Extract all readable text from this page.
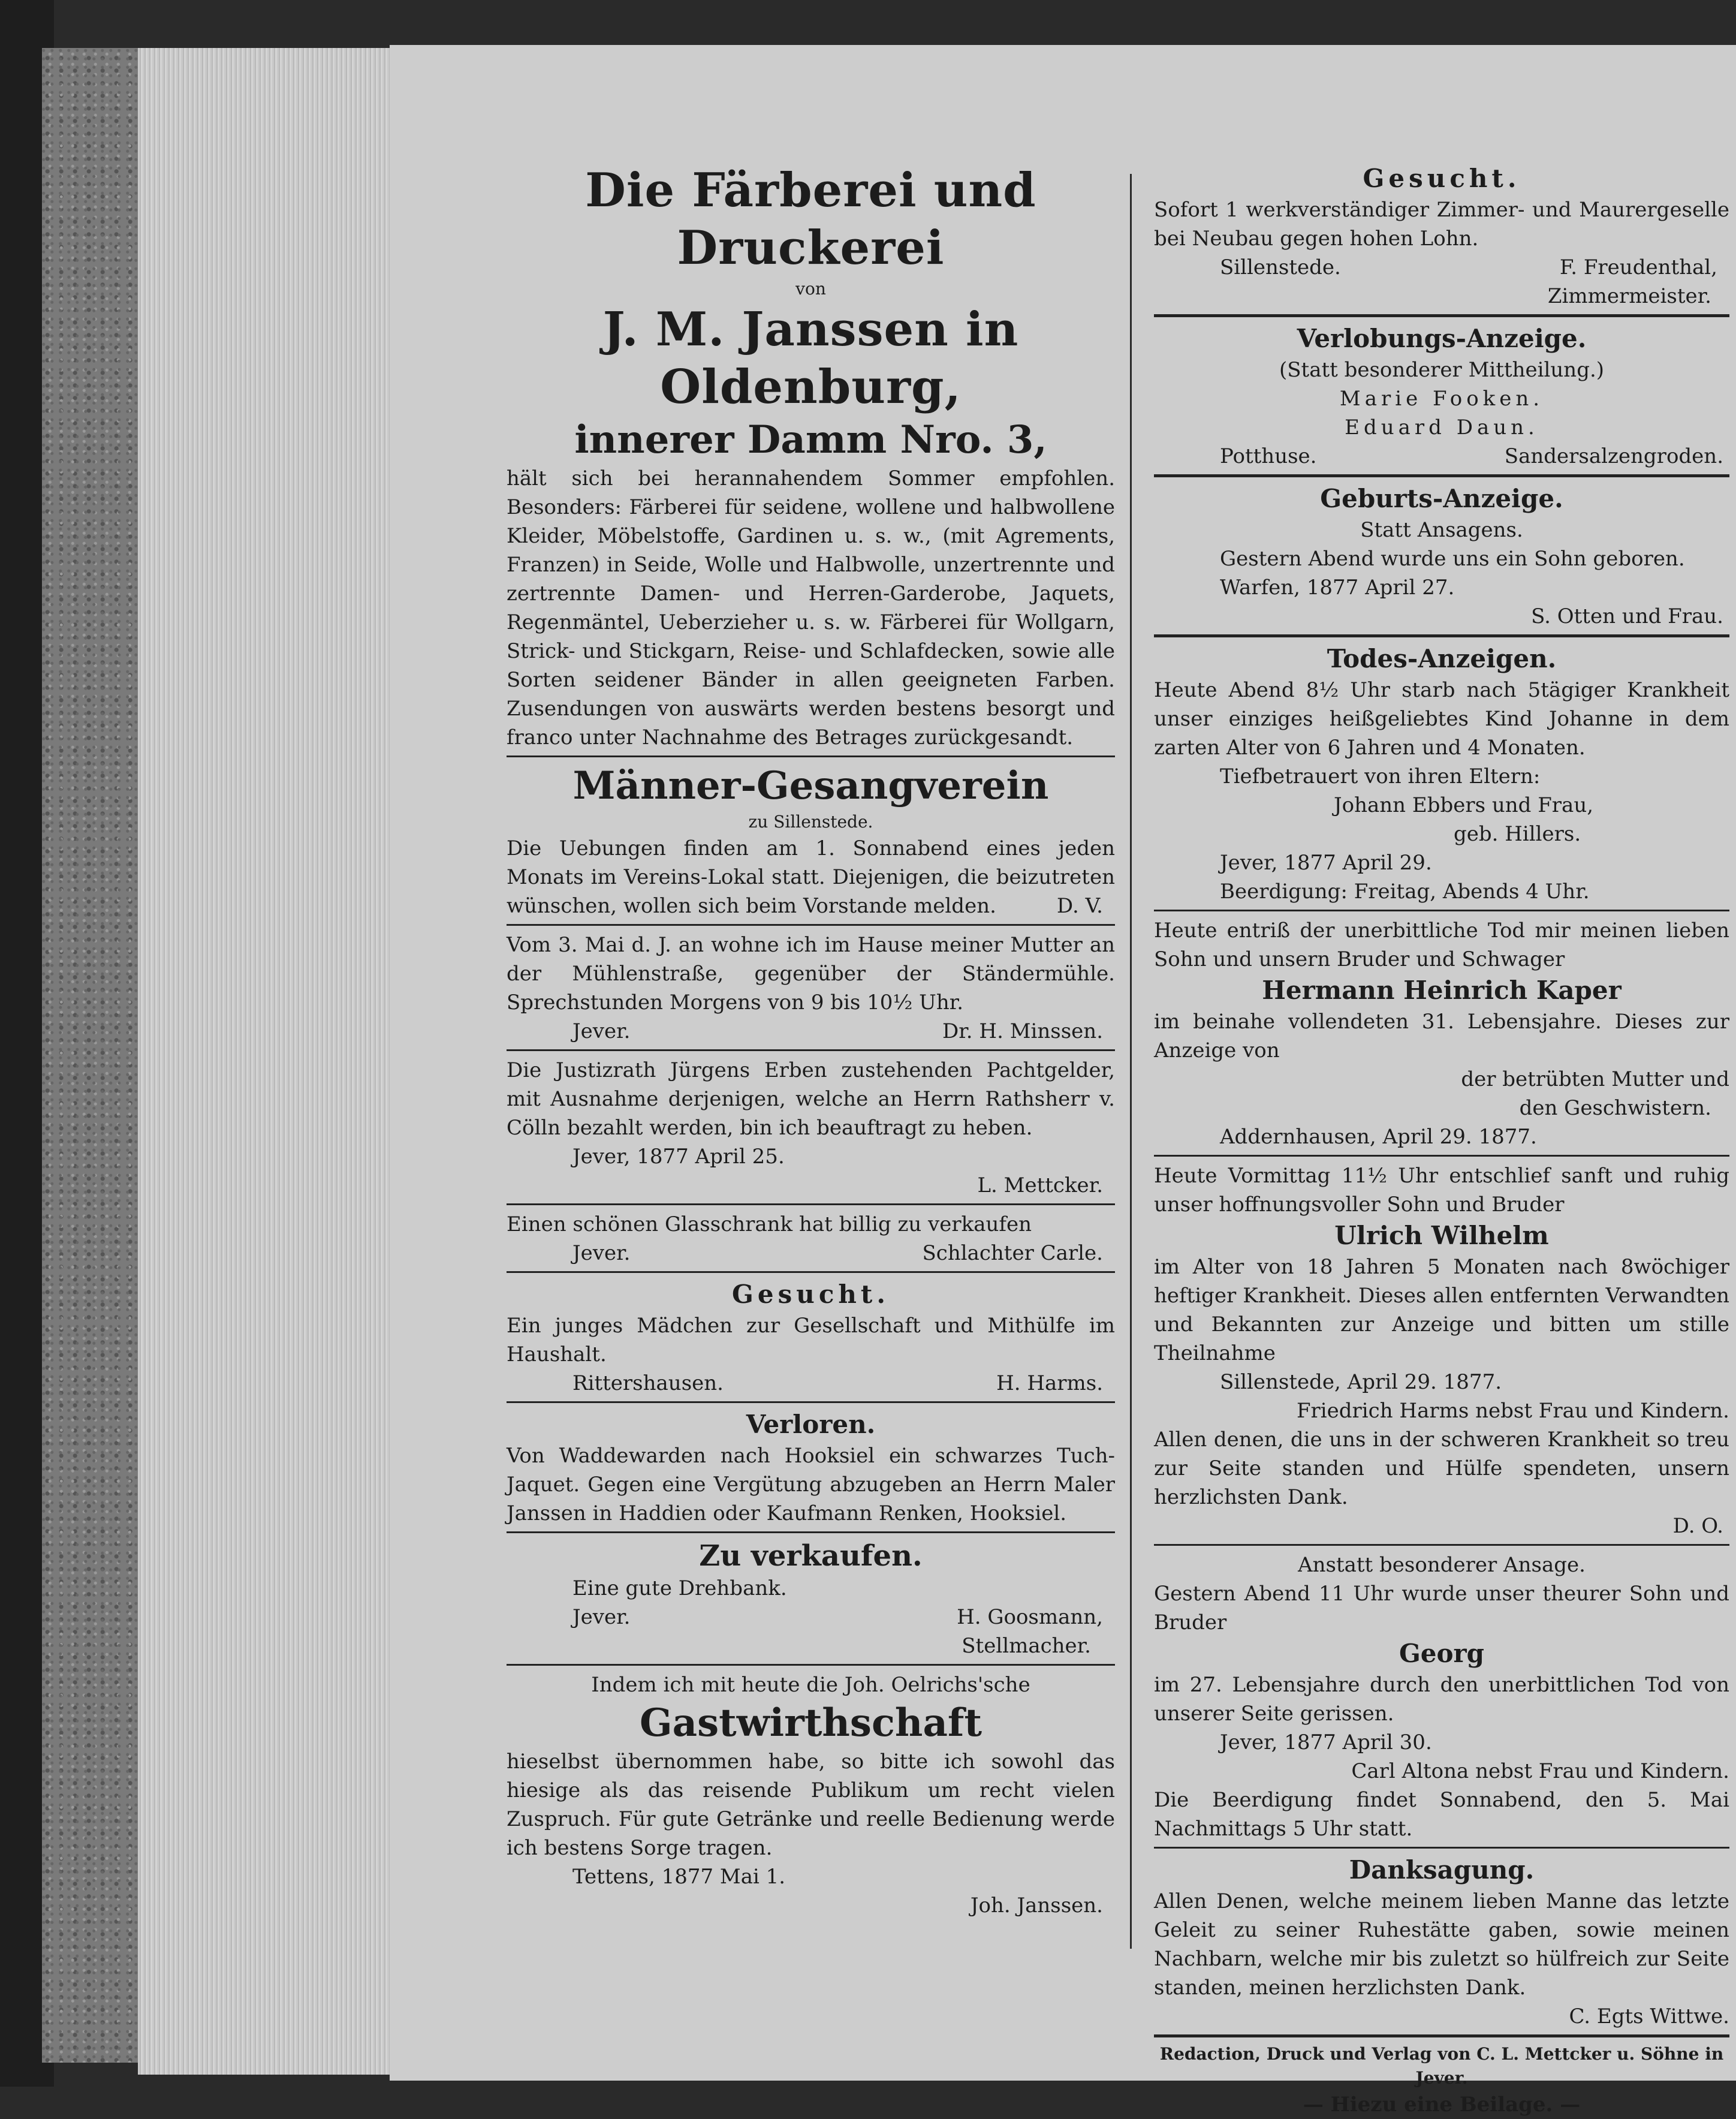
Die Färberei und Druckerei
von
J. M. Janssen in
Oldenburg,
innerer Damm Nro. 3,
hält sich bei herannahendem Sommer empfohlen. Besonders: Färberei für seidene, wollene und halbwollene Kleider, Möbelstoffe, Gardinen u. s. w., (mit Agrements, Franzen) in Seide, Wolle und Halbwolle, unzertrennte und zertrennte Damen- und Herren-Garderobe, Jaquets, Regenmäntel, Ueberzieher u. s. w. Färberei für Wollgarn, Strick- und Stickgarn, Reise- und Schlafdecken, sowie alle Sorten seidener Bänder in allen geeigneten Farben. Zusendungen von auswärts werden bestens besorgt und franco unter Nachnahme des Betrages zurückgesandt.
Männer-Gesangverein
zu Sillenstede.
Die Uebungen finden am 1. Sonnabend eines jeden Monats im Vereins-Lokal statt. Diejenigen, die beizutreten wünschen, wollen sich beim Vorstande melden.	D. V.
Vom 3. Mai d. J. an wohne ich im Hause meiner Mutter an der Mühlenstraße, gegenüber der Ständermühle. Sprechstunden Morgens von 9 bis 10½ Uhr.
Jever.	Dr. H. Minssen.
Die Justizrath Jürgens Erben zustehenden Pachtgelder, mit Ausnahme derjenigen, welche an Herrn Rathsherr v. Cölln bezahlt werden, bin ich beauftragt zu heben.
Jever, 1877 April 25.
L. Mettcker.
Einen schönen Glasschrank hat billig zu verkaufen
Jever.	Schlachter Carle.
Gesucht.
Ein junges Mädchen zur Gesellschaft und Mithülfe im Haushalt.
Rittershausen.	H. Harms.
Verloren.
Von Waddewarden nach Hooksiel ein schwarzes Tuch-Jaquet. Gegen eine Vergütung abzugeben an Herrn Maler Janssen in Haddien oder Kaufmann Renken, Hooksiel.
Zu verkaufen.
Eine gute Drehbank.
Jever.	H. Goosmann,
Stellmacher.
Indem ich mit heute die Joh. Oelrichs'sche
Gastwirthschaft
hieselbst übernommen habe, so bitte ich sowohl das hiesige als das reisende Publikum um recht vielen Zuspruch. Für gute Getränke und reelle Bedienung werde ich bestens Sorge tragen.
Tettens, 1877 Mai 1.
Joh. Janssen.
Gesucht.
Sofort 1 werkverständiger Zimmer- und Maurergeselle bei Neubau gegen hohen Lohn.
Sillenstede.	F. Freudenthal,
Zimmermeister.
Verlobungs-Anzeige.
(Statt besonderer Mittheilung.)
Marie Fooken.
Eduard Daun.
Potthuse.	Sandersalzengroden.
Geburts-Anzeige.
Statt Ansagens.
Gestern Abend wurde uns ein Sohn geboren.
Warfen, 1877 April 27.
S. Otten und Frau.
Todes-Anzeigen.
Heute Abend 8½ Uhr starb nach 5tägiger Krankheit unser einziges heißgeliebtes Kind Johanne in dem zarten Alter von 6 Jahren und 4 Monaten.
Tiefbetrauert von ihren Eltern:
Johann Ebbers und Frau,
geb. Hillers.
Jever, 1877 April 29.
Beerdigung: Freitag, Abends 4 Uhr.
Heute entriß der unerbittliche Tod mir meinen lieben Sohn und unsern Bruder und Schwager
Hermann Heinrich Kaper
im beinahe vollendeten 31. Lebensjahre. Dieses zur Anzeige von
der betrübten Mutter und
den Geschwistern.
Addernhausen, April 29. 1877.
Heute Vormittag 11½ Uhr entschlief sanft und ruhig unser hoffnungsvoller Sohn und Bruder
Ulrich Wilhelm
im Alter von 18 Jahren 5 Monaten nach 8wöchiger heftiger Krankheit. Dieses allen entfernten Verwandten und Bekannten zur Anzeige und bitten um stille Theilnahme
Sillenstede, April 29. 1877.
Friedrich Harms nebst Frau und Kindern.
Allen denen, die uns in der schweren Krankheit so treu zur Seite standen und Hülfe spendeten, unsern herzlichsten Dank.
D. O.
Anstatt besonderer Ansage.
Gestern Abend 11 Uhr wurde unser theurer Sohn und Bruder
Georg
im 27. Lebensjahre durch den unerbittlichen Tod von unserer Seite gerissen.
Jever, 1877 April 30.
Carl Altona nebst Frau und Kindern.
Die Beerdigung findet Sonnabend, den 5. Mai Nachmittags 5 Uhr statt.
Danksagung.
Allen Denen, welche meinem lieben Manne das letzte Geleit zu seiner Ruhestätte gaben, sowie meinen Nachbarn, welche mir bis zuletzt so hülfreich zur Seite standen, meinen herzlichsten Dank.
C. Egts Wittwe.
Redaction, Druck und Verlag von C. L. Mettcker u. Söhne in Jever.
— Hiezu eine Beilage. —
